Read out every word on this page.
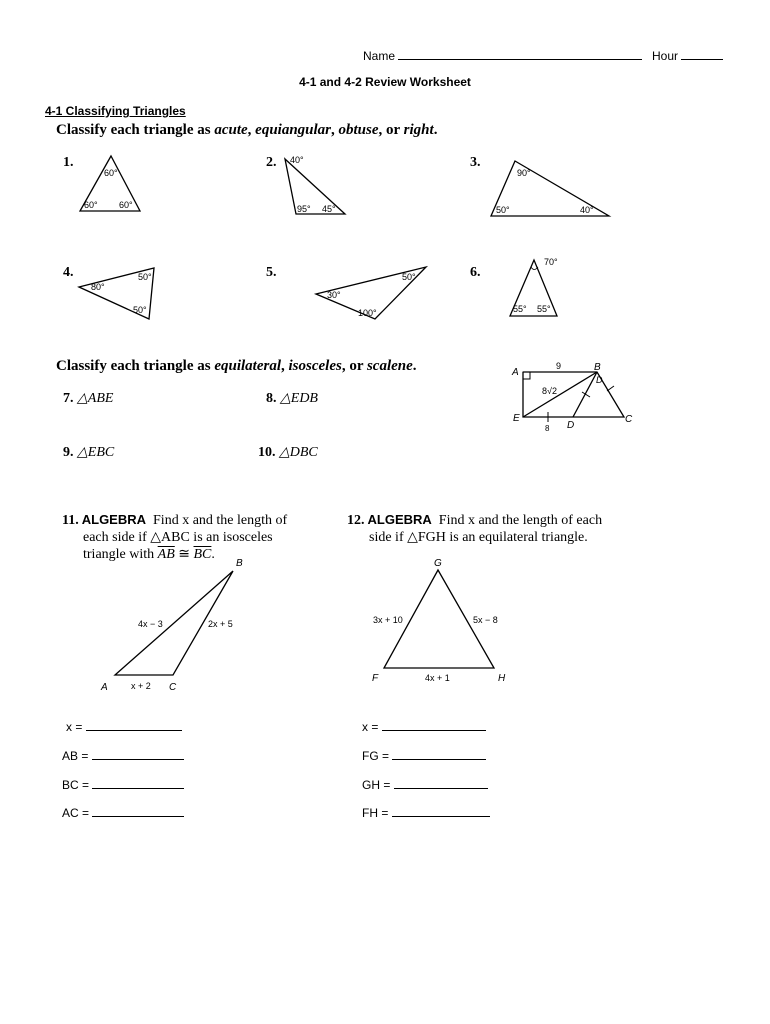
Name	Hour
4-1 and 4-2 Review Worksheet
4-1 Classifying Triangles
Classify each triangle as acute, equiangular, obtuse, or right.
1.	2.	3.
4.	5.	6.
60°
60° 60°
40°
95° 45°
90°
50°	40°
80°
50°
50°
30°
50°
100°
70°
55° 55°
Classify each triangle as equilateral, isosceles, or scalene.
7. △ABE	8. △EDB
9. △EBC	10. △DBC
A	B
C
D
E
D
9
8√2
8
11. ALGEBRA Find x and the length of
each side if △ABC is an isosceles
triangle with $\overline{AB}$ ≅ $\overline{BC}$.
B
A	C
4x − 3	2x + 5
x + 2
x =
AB =
BC =
AC =
12. ALGEBRA Find x and the length of each
side if △FGH is an equilateral triangle.
G
F	H
3x + 10	5x − 8
4x + 1
x =
FG =
GH =
FH =
